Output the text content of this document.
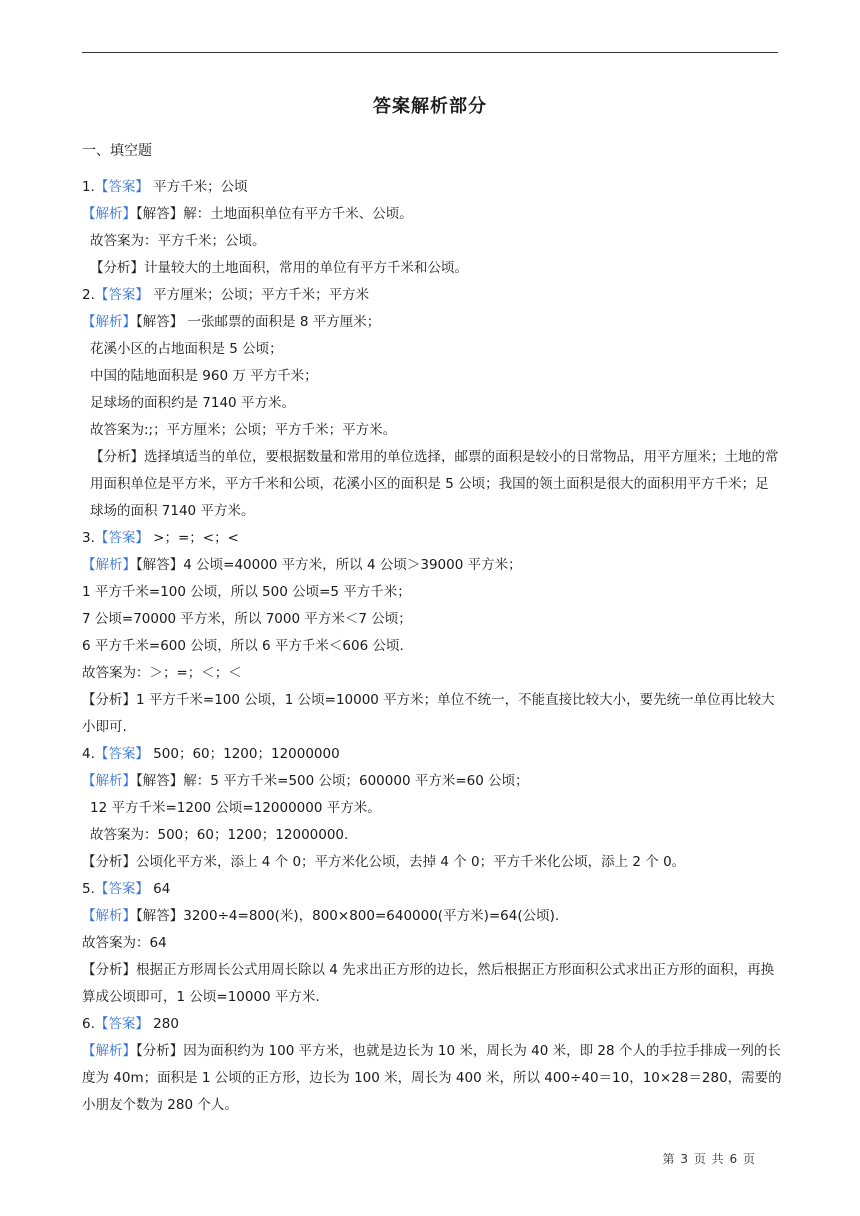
答案解析部分
一、填空题
1.【答案】 平方千米；公顷
【解析】【解答】解：土地面积单位有平方千米、公顷。
故答案为：平方千米；公顷。
【分析】计量较大的土地面积，常用的单位有平方千米和公顷。
2.【答案】 平方厘米；公顷；平方千米；平方米
【解析】【解答】 一张邮票的面积是 8 平方厘米；
花溪小区的占地面积是 5 公顷；
中国的陆地面积是 960 万 平方千米；
足球场的面积约是 7140 平方米。
故答案为:;；平方厘米；公顷；平方千米；平方米。
【分析】选择填适当的单位，要根据数量和常用的单位选择，邮票的面积是较小的日常物品，用平方厘米；土地的常用面积单位是平方米，平方千米和公顷，花溪小区的面积是 5 公顷；我国的领土面积是很大的面积用平方千米；足球场的面积 7140 平方米。
3.【答案】 >；=；<；<
【解析】【解答】4 公顷=40000 平方米，所以 4 公顷＞39000 平方米；
1 平方千米=100 公顷，所以 500 公顷=5 平方千米；
7 公顷=70000 平方米，所以 7000 平方米＜7 公顷；
6 平方千米=600 公顷，所以 6 平方千米＜606 公顷.
故答案为：＞；=；＜；＜
【分析】1 平方千米=100 公顷，1 公顷=10000 平方米；单位不统一，不能直接比较大小，要先统一单位再比较大小即可.
4.【答案】 500；60；1200；12000000
【解析】【解答】解：5 平方千米=500 公顷；600000 平方米=60 公顷；
12 平方千米=1200 公顷=12000000 平方米。
故答案为：500；60；1200；12000000.
【分析】公顷化平方米，添上 4 个 0；平方米化公顷，去掉 4 个 0；平方千米化公顷，添上 2 个 0。
5.【答案】 64
【解析】【解答】3200÷4=800(米)，800×800=640000(平方米)=64(公顷).
故答案为：64
【分析】根据正方形周长公式用周长除以 4 先求出正方形的边长，然后根据正方形面积公式求出正方形的面积，再换算成公顷即可，1 公顷=10000 平方米.
6.【答案】 280
【解析】【分析】因为面积约为 100 平方米，也就是边长为 10 米，周长为 40 米，即 28 个人的手拉手排成一列的长度为 40m；面积是 1 公顷的正方形，边长为 100 米，周长为 400 米，所以 400÷40＝10，10×28＝280，需要的小朋友个数为 280 个人。
第 3 页 共 6 页
